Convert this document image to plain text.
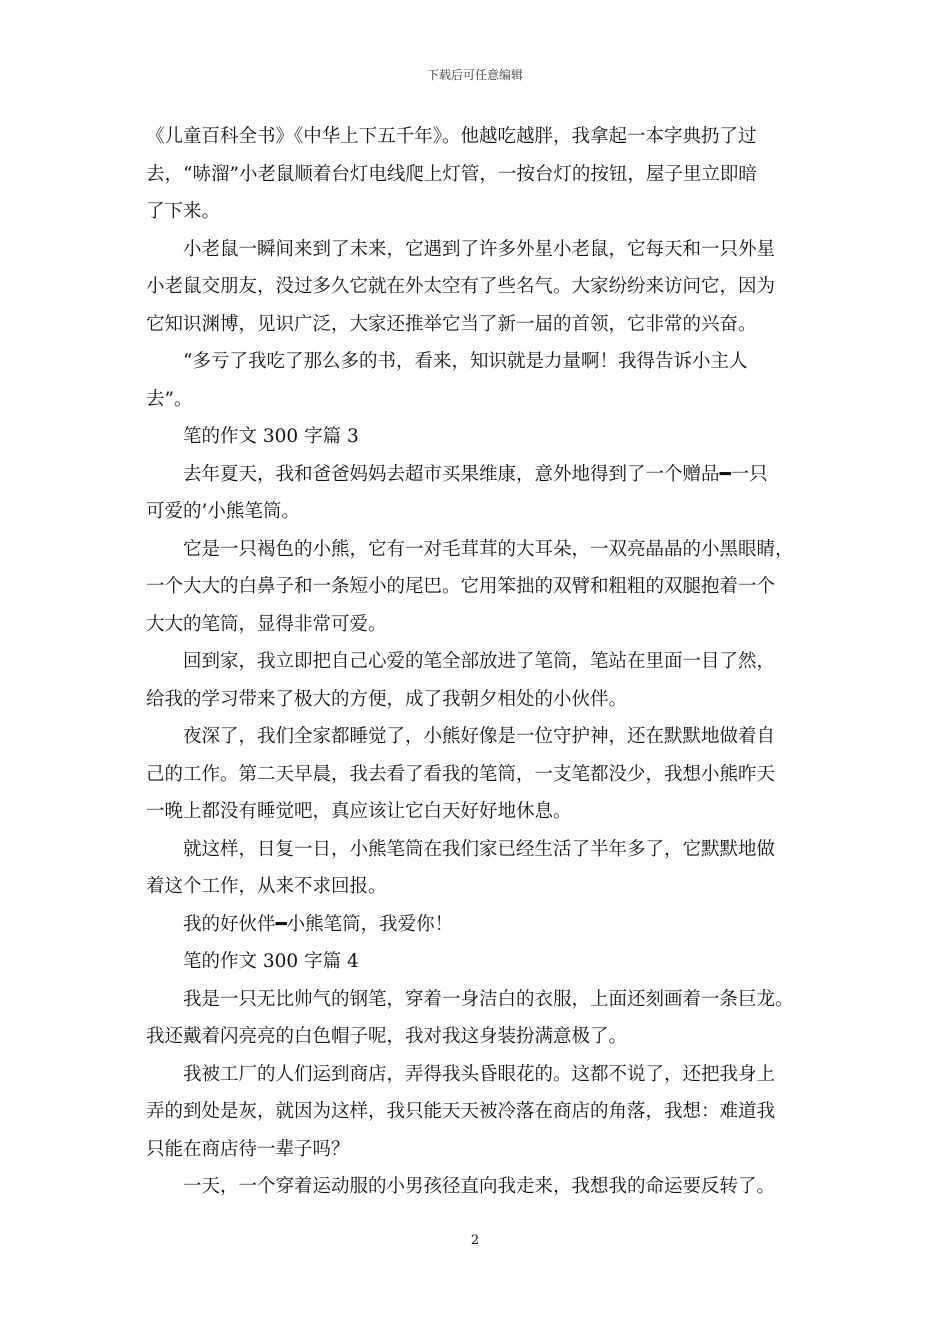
下载后可任意编辑
《儿童百科全书》《中华上下五千年》。他越吃越胖，我拿起一本字典扔了过
去，“哧溜”小老鼠顺着台灯电线爬上灯管，一按台灯的按钮，屋子里立即暗
了下来。
小老鼠一瞬间来到了未来，它遇到了许多外星小老鼠，它每天和一只外星
小老鼠交朋友，没过多久它就在外太空有了些名气。大家纷纷来访问它，因为
它知识渊博，见识广泛，大家还推举它当了新一届的首领，它非常的兴奋。
“多亏了我吃了那么多的书，看来，知识就是力量啊！我得告诉小主人
去”。
笔的作文 300 字篇 3
去年夏天，我和爸爸妈妈去超市买果维康，意外地得到了一个赠品━一只
可爱的’小熊笔筒。
它是一只褐色的小熊，它有一对毛茸茸的大耳朵，一双亮晶晶的小黑眼睛，
一个大大的白鼻子和一条短小的尾巴。它用笨拙的双臂和粗粗的双腿抱着一个
大大的笔筒，显得非常可爱。
回到家，我立即把自己心爱的笔全部放进了笔筒，笔站在里面一目了然，
给我的学习带来了极大的方便，成了我朝夕相处的小伙伴。
夜深了，我们全家都睡觉了，小熊好像是一位守护神，还在默默地做着自
己的工作。第二天早晨，我去看了看我的笔筒，一支笔都没少，我想小熊昨天
一晚上都没有睡觉吧，真应该让它白天好好地休息。
就这样，日复一日，小熊笔筒在我们家已经生活了半年多了，它默默地做
着这个工作，从来不求回报。
我的好伙伴━小熊笔筒，我爱你！
笔的作文 300 字篇 4
我是一只无比帅气的钢笔，穿着一身洁白的衣服，上面还刻画着一条巨龙。
我还戴着闪亮亮的白色帽子呢，我对我这身装扮满意极了。
我被工厂的人们运到商店，弄得我头昏眼花的。这都不说了，还把我身上
弄的到处是灰，就因为这样，我只能天天被冷落在商店的角落，我想：难道我
只能在商店待一辈子吗？
一天，一个穿着运动服的小男孩径直向我走来，我想我的命运要反转了。
2
